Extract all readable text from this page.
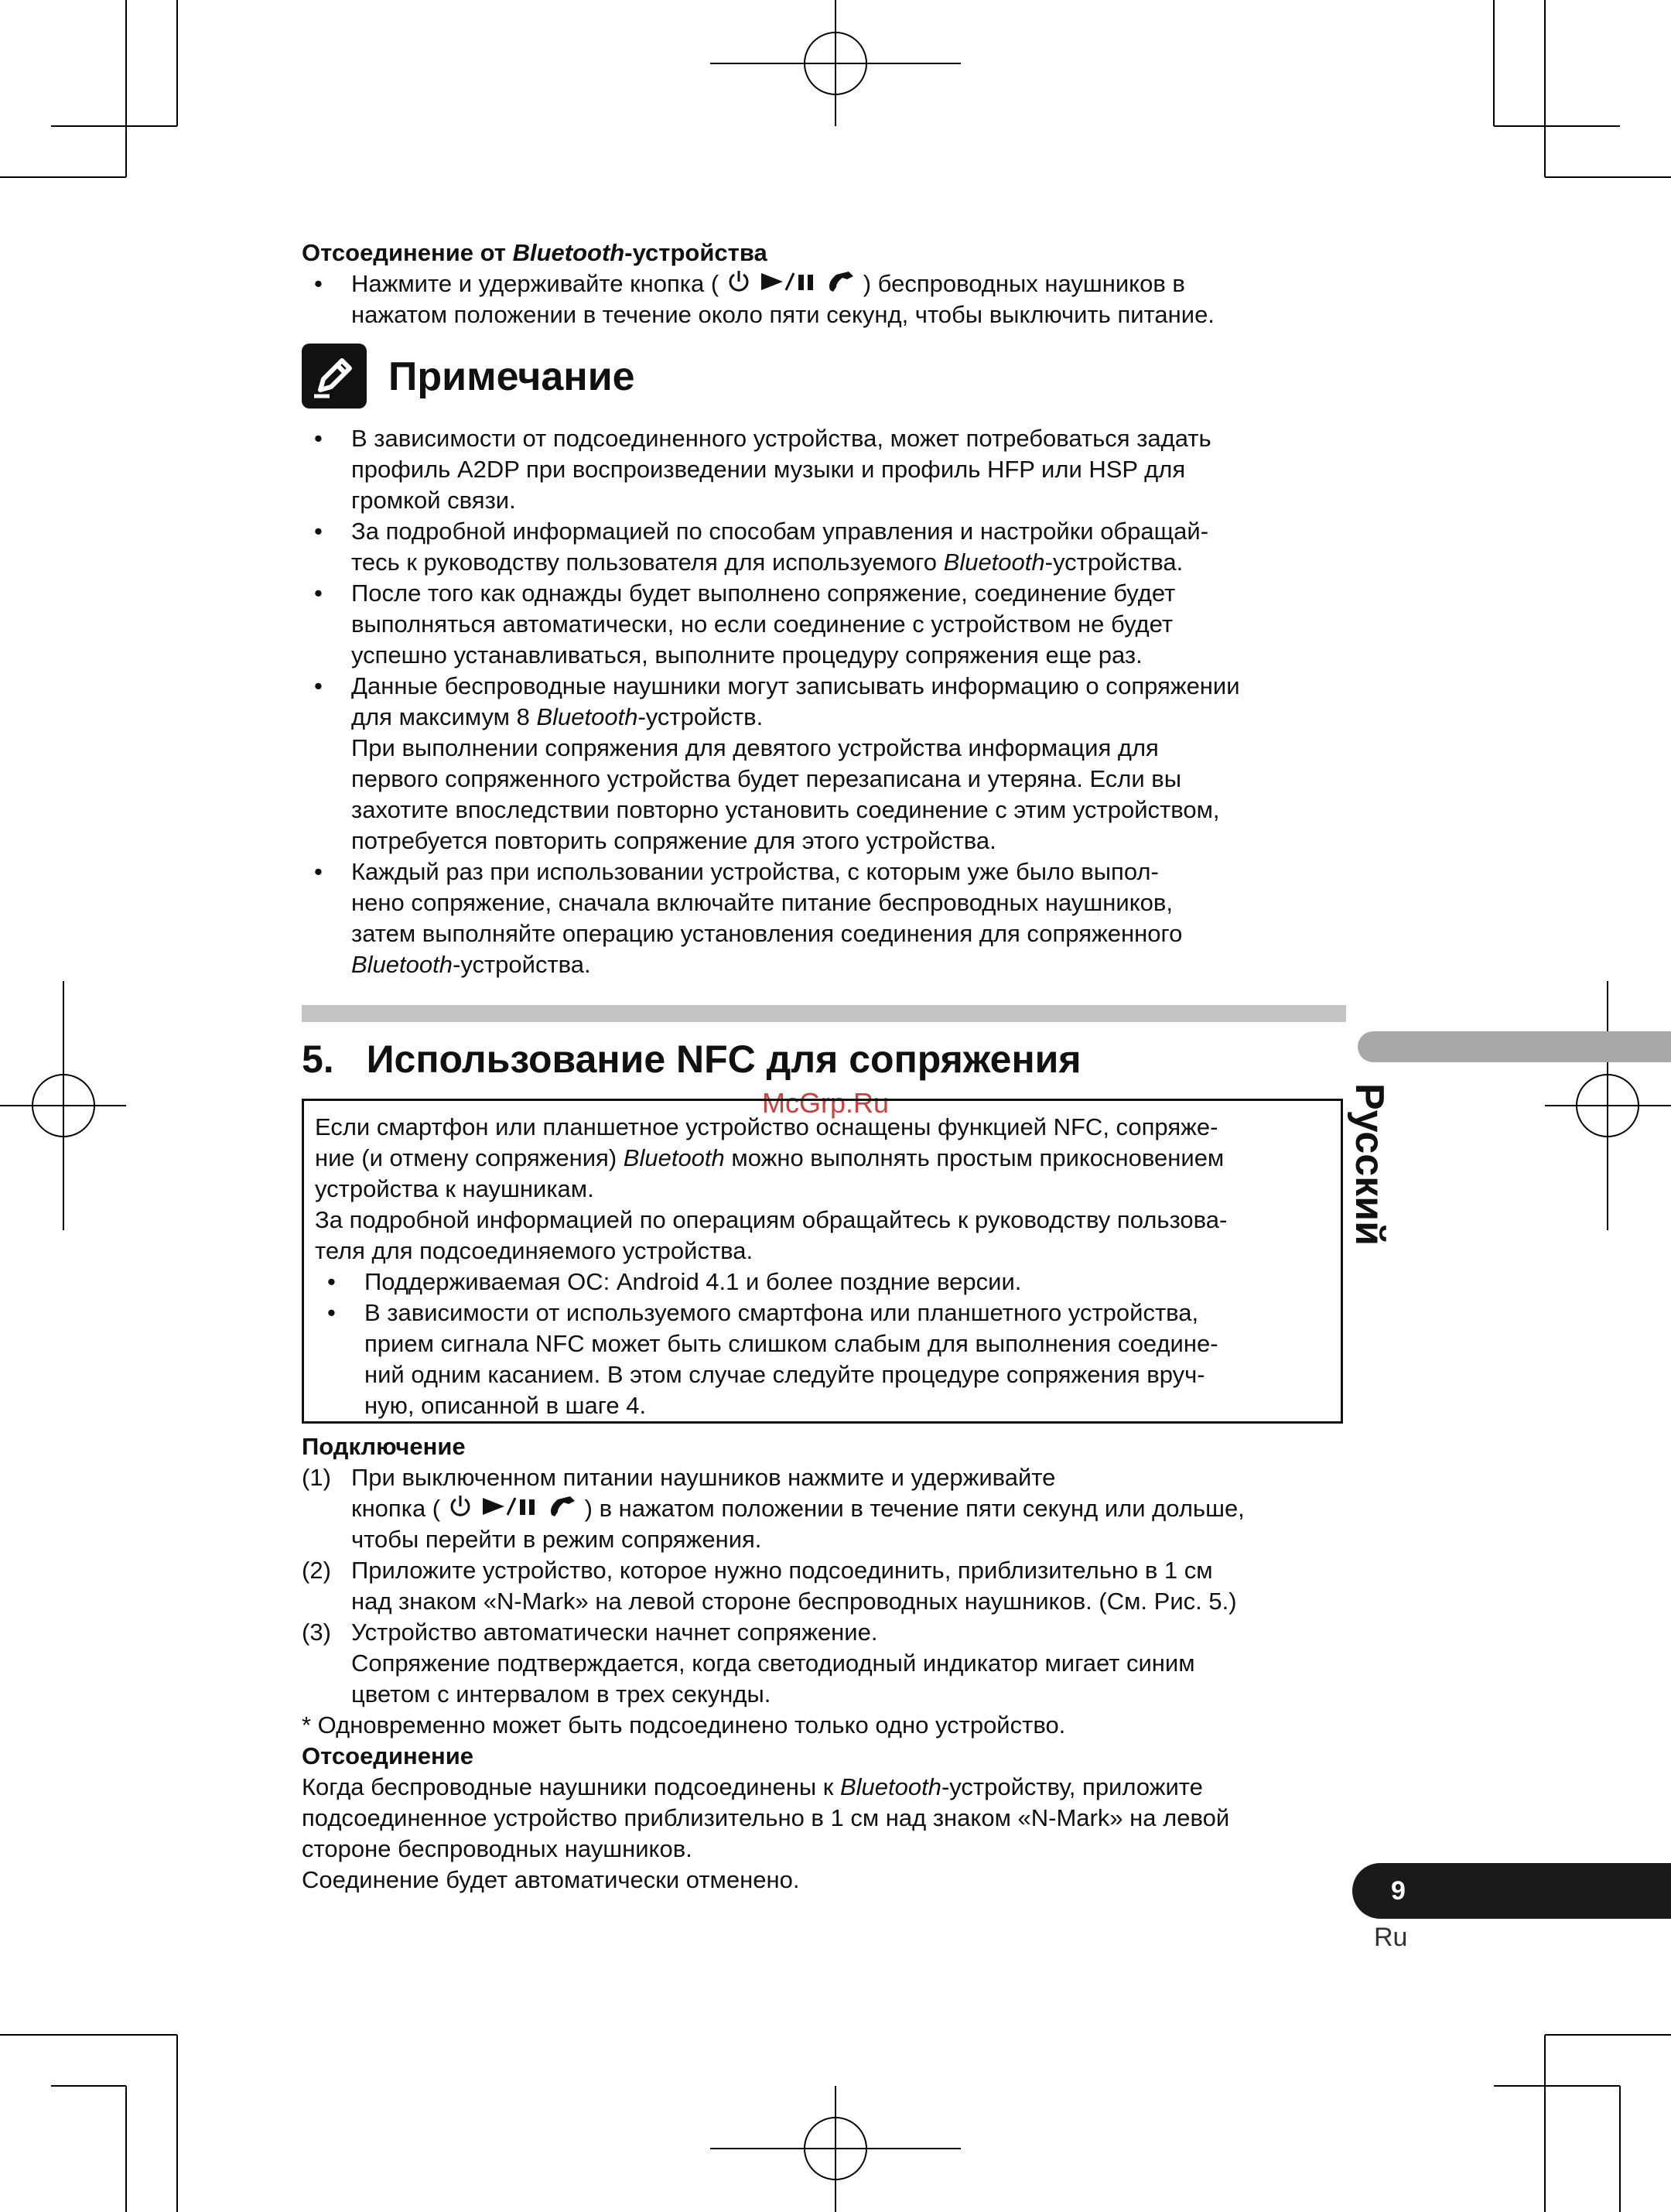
Отсоединение от Bluetooth-устройства
• Нажмите и удерживайте кнопка (	) беспроводных наушников в
нажатом положении в течение около пяти секунд, чтобы выключить питание.
Примечание
• В зависимости от подсоединенного устройства, может потребоваться задать
профиль A2DP при воспроизведении музыки и профиль HFP или HSP для
громкой связи.
• За подробной информацией по способам управления и настройки обращай-
тесь к руководству пользователя для используемого Bluetooth-устройства.
• После того как однажды будет выполнено сопряжение, соединение будет
выполняться автоматически, но если соединение с устройством не будет
успешно устанавливаться, выполните процедуру сопряжения еще раз.
• Данные беспроводные наушники могут записывать информацию о сопряжении
для максимум 8 Bluetooth-устройств.
При выполнении сопряжения для девятого устройства информация для
первого сопряженного устройства будет перезаписана и утеряна. Если вы
захотите впоследствии повторно установить соединение с этим устройством,
потребуется повторить сопряжение для этого устройства.
• Каждый раз при использовании устройства, с которым уже было выпол-
нено сопряжение, сначала включайте питание беспроводных наушников,
затем выполняйте операцию установления соединения для сопряженного
Bluetooth-устройства.
5. Использование NFC для сопряжения
McGrp.Ru
Если смартфон или планшетное устройство оснащены функцией NFC, сопряже-
ние (и отмену сопряжения) Bluetooth можно выполнять простым прикосновением
устройства к наушникам.
За подробной информацией по операциям обращайтесь к руководству пользова-
теля для подсоединяемого устройства.
• Поддерживаемая ОС: Android 4.1 и более поздние версии.
• В зависимости от используемого смартфона или планшетного устройства,
прием сигнала NFC может быть слишком слабым для выполнения соедине-
ний одним касанием. В этом случае следуйте процедуре сопряжения вруч-
ную, описанной в шаге 4.
Подключение
(1) При выключенном питании наушников нажмите и удерживайте
кнопка (	) в нажатом положении в течение пяти секунд или дольше,
чтобы перейти в режим сопряжения.
(2) Приложите устройство, которое нужно подсоединить, приблизительно в 1 см
над знаком «N-Mark» на левой стороне беспроводных наушников. (См. Рис. 5.)
(3) Устройство автоматически начнет сопряжение.
Сопряжение подтверждается, когда светодиодный индикатор мигает синим
цветом с интервалом в трех секунды.
* Одновременно может быть подсоединено только одно устройство.
Отсоединение
Когда беспроводные наушники подсоединены к Bluetooth-устройству, приложите
подсоединенное устройство приблизительно в 1 см над знаком «N-Mark» на левой
стороне беспроводных наушников.
Соединение будет автоматически отменено.
Русский
9
Ru
